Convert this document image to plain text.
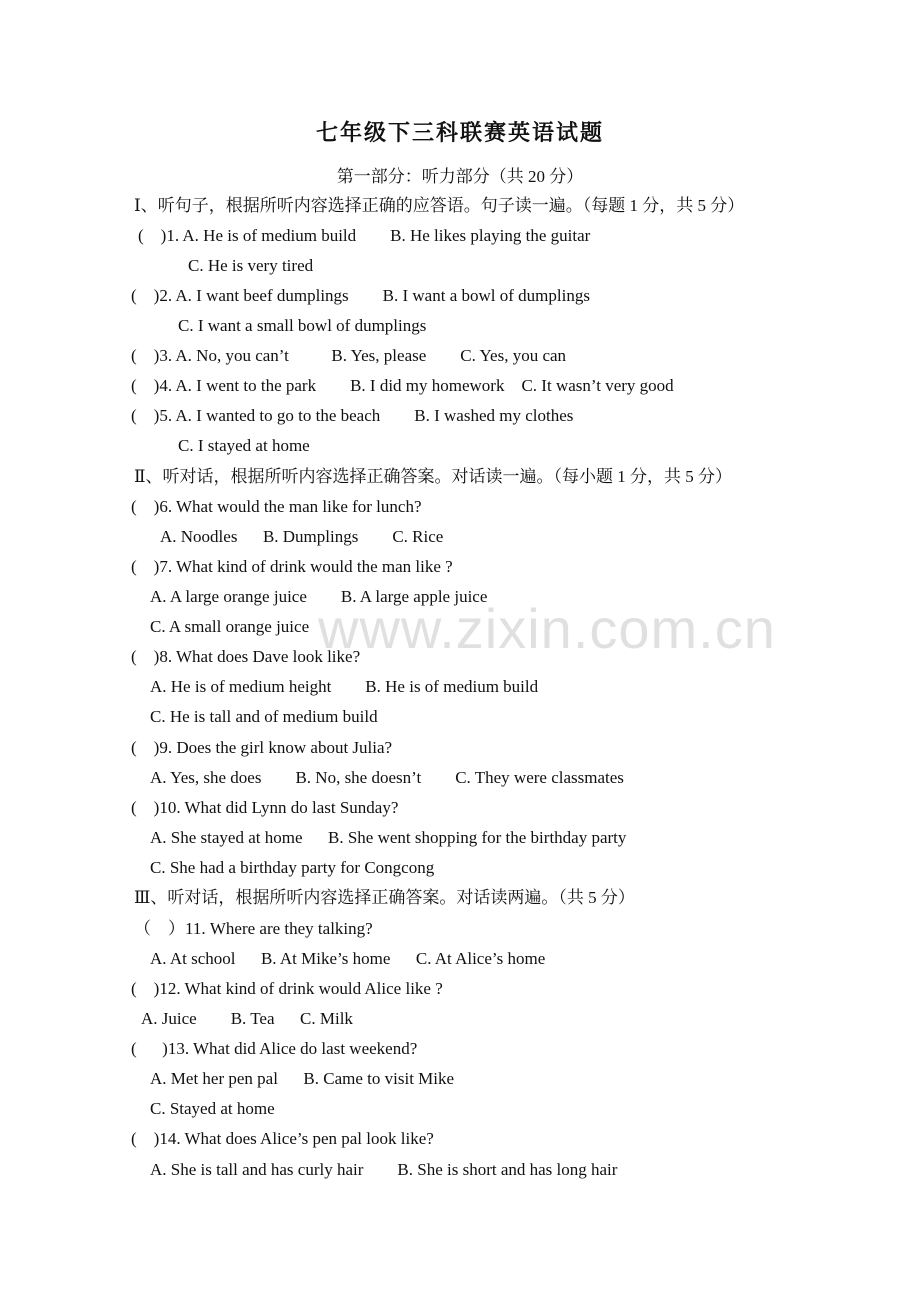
七年级下三科联赛英语试题
第一部分：听力部分（共 20 分）
Ⅰ、听句子，根据所听内容选择正确的应答语。句子读一遍。（每题 1 分，共 5 分）
(    )1. A. He is of medium build        B. He likes playing the guitar
C. He is very tired
(    )2. A. I want beef dumplings        B. I want a bowl of dumplings
C. I want a small bowl of dumplings
(    )3. A. No, you can’t          B. Yes, please        C. Yes, you can
(    )4. A. I went to the park        B. I did my homework    C. It wasn’t very good
(    )5. A. I wanted to go to the beach        B. I washed my clothes
C. I stayed at home
Ⅱ、听对话，根据所听内容选择正确答案。对话读一遍。（每小题 1 分，共 5 分）
(    )6. What would the man like for lunch?
A. Noodles      B. Dumplings        C. Rice
(    )7. What kind of drink would the man like ?
A. A large orange juice        B. A large apple juice
C. A small orange juice
(    )8. What does Dave look like?
A. He is of medium height        B. He is of medium build
C. He is tall and of medium build
(    )9. Does the girl know about Julia?
A. Yes, she does        B. No, she doesn’t        C. They were classmates
(    )10. What did Lynn do last Sunday?
A. She stayed at home      B. She went shopping for the birthday party
C. She had a birthday party for Congcong
Ⅲ、听对话，根据所听内容选择正确答案。对话读两遍。（共 5 分）
（    ）11. Where are they talking?
A. At school      B. At Mike’s home      C. At Alice’s home
(    )12. What kind of drink would Alice like ?
A. Juice        B. Tea      C. Milk
(      )13. What did Alice do last weekend?
A. Met her pen pal      B. Came to visit Mike
C. Stayed at home
(    )14. What does Alice’s pen pal look like?
A. She is tall and has curly hair        B. She is short and has long hair
www.zixin.com.cn
